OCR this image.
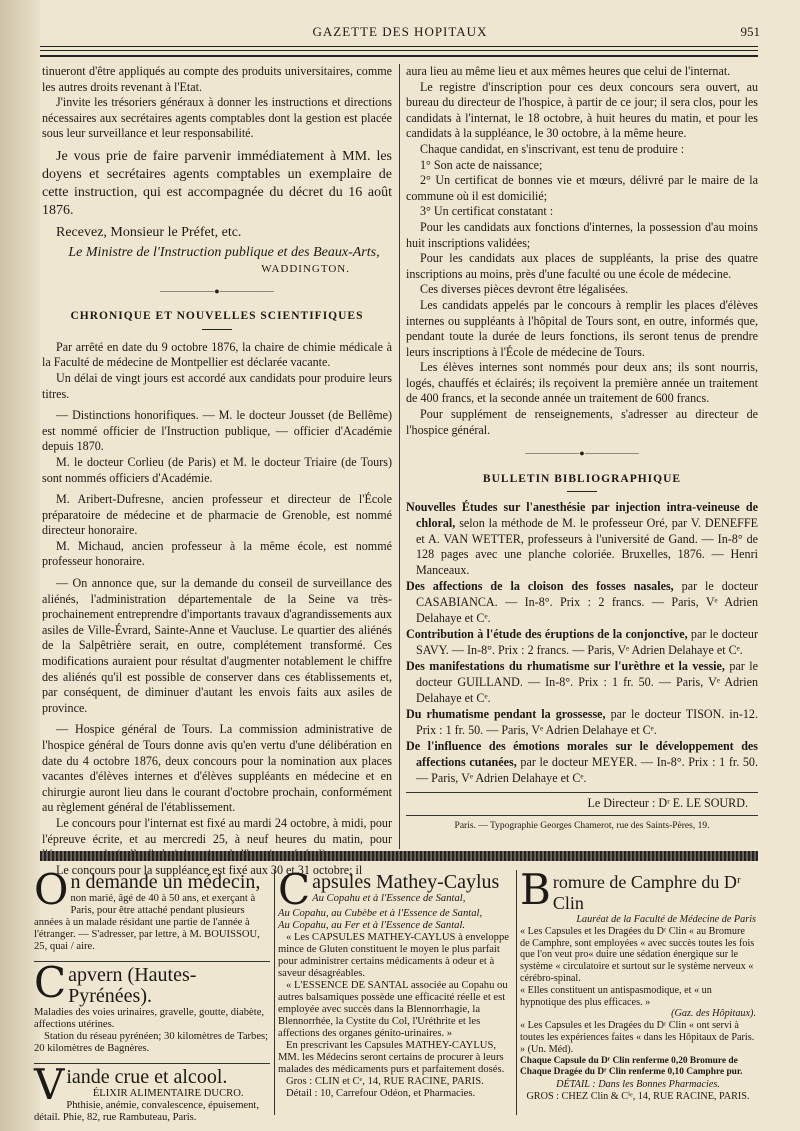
GAZETTE DES HOPITAUX	951

tinueront d'être appliqués au compte des produits universitaires, comme les autres droits revenant à l'Etat.

J'invite les trésoriers généraux à donner les instructions et directions nécessaires aux secrétaires agents comptables dont la gestion est placée sous leur surveillance et leur responsabilité.

Je vous prie de faire parvenir immédiatement à MM. les doyens et secrétaires agents comptables un exemplaire de cette instruction, qui est accompagnée du décret du 16 août 1876.

Recevez, Monsieur le Préfet, etc.

Le Ministre de l'Instruction publique et des Beaux-Arts,

WADDINGTON.

——————●——————

CHRONIQUE ET NOUVELLES SCIENTIFIQUES

Par arrêté en date du 9 octobre 1876, la chaire de chimie médicale à la Faculté de médecine de Montpellier est déclarée vacante.

Un délai de vingt jours est accordé aux candidats pour produire leurs titres.

— Distinctions honorifiques. — M. le docteur Jousset (de Bellême) est nommé officier de l'Instruction publique, — officier d'Académie depuis 1870.

M. le docteur Corlieu (de Paris) et M. le docteur Triaire (de Tours) sont nommés officiers d'Académie.

M. Aribert-Dufresne, ancien professeur et directeur de l'École préparatoire de médecine et de pharmacie de Grenoble, est nommé directeur honoraire.

M. Michaud, ancien professeur à la même école, est nommé professeur honoraire.

— On annonce que, sur la demande du conseil de surveillance des aliénés, l'administration départementale de la Seine va très-prochainement entreprendre d'importants travaux d'agrandissements aux asiles de Ville-Évrard, Sainte-Anne et Vaucluse. Le quartier des aliénés de la Salpêtrière serait, en outre, complétement transformé. Ces modifications auraient pour résultat d'augmenter notablement le chiffre des aliénés qu'il est possible de conserver dans ces établissements et, par conséquent, de diminuer d'autant les envois faits aux asiles de province.

— Hospice général de Tours. La commission administrative de l'hospice général de Tours donne avis qu'en vertu d'une délibération en date du 4 octobre 1876, deux concours pour la nomination aux places vacantes d'élèves internes et d'élèves suppléants en médecine et en chirurgie auront lieu dans le courant d'octobre prochain, conformément au règlement général de l'établissement.

Le concours pour l'internat est fixé au mardi 24 octobre, à midi, pour l'épreuve écrite, et au mercredi 25, à neuf heures du matin, pour

Le concours pour la suppléance est fixé aux 30 et 31 octobre; il

aura lieu au même lieu et aux mêmes heures que celui de l'internat.

Le registre d'inscription pour ces deux concours sera ouvert, au bureau du directeur de l'hospice, à partir de ce jour; il sera clos, pour les candidats à l'internat, le 18 octobre, à huit heures du matin, et pour les candidats à la suppléance, le 30 octobre, à la même heure.

Chaque candidat, en s'inscrivant, est tenu de produire :

1° Son acte de naissance;

2° Un certificat de bonnes vie et mœurs, délivré par le maire de la commune où il est domicilié;

3° Un certificat constatant :

Pour les candidats aux fonctions d'internes, la possession d'au moins huit inscriptions validées;

Pour les candidats aux places de suppléants, la prise des quatre inscriptions au moins, près d'une faculté ou une école de médecine.

Ces diverses pièces devront être légalisées.

Les candidats appelés par le concours à remplir les places d'élèves internes ou suppléants à l'hôpital de Tours sont, en outre, informés que, pendant toute la durée de leurs fonctions, ils seront tenus de prendre leurs inscriptions à l'École de médecine de Tours.

Les élèves internes sont nommés pour deux ans; ils sont nourris, logés, chauffés et éclairés; ils reçoivent la première année un traitement de 400 francs, et la seconde année un traitement de 600 francs.

Pour supplément de renseignements, s'adresser au directeur de l'hospice général.

——————●——————

BULLETIN BIBLIOGRAPHIQUE

Nouvelles Études sur l'anesthésie par injection intra-veineuse de chloral, selon la méthode de M. le professeur Oré, par V. DENEFFE et A. VAN WETTER, professeurs à l'université de Gand. — In-8° de 128 pages avec une planche coloriée. Bruxelles, 1876. — Henri Manceaux.

Des affections de la cloison des fosses nasales, par le docteur CASABIANCA. — In-8°. Prix : 2 francs. — Paris, Vᵉ Adrien Delahaye et Cᵉ.

Contribution à l'étude des éruptions de la conjonctive, par le docteur SAVY. — In-8°. Prix : 2 francs. — Paris, Vᵉ Adrien Delahaye et Cᵉ.

Des manifestations du rhumatisme sur l'urèthre et la vessie, par le docteur GUILLAND. — In-8°. Prix : 1 fr. 50. — Paris, Vᵉ Adrien Delahaye et Cᵉ.

Du rhumatisme pendant la grossesse, par le docteur TISON. in-12. Prix : 1 fr. 50. — Paris, Vᵉ Adrien Delahaye et Cᵉ.

De l'influence des émotions morales sur le développement des affections cutanées, par le docteur MEYER. — In-8°. Prix : 1 fr. 50. — Paris, Vᵉ Adrien Delahaye et Cᵉ.

Le Directeur : Dʳ E. LE SOURD.

Paris. — Typographie Georges Chamerot, rue des Saints-Pères, 19.

O n demande un médecin,

non marié, âgé de 40 à 50 ans, et exerçant à Paris, pour être attaché pendant plusieurs années à un malade résidant une partie de l'année à l'étranger. — S'adresser, par lettre, à M. BOUISSOU, 25, quai / aire.

C apvern (Hautes-Pyrénées).

Maladies des voies urinaires, gravelle, goutte, diabète, affections utérines.

Station du réseau pyrénéen; 30 kilomètres de Tarbes; 20 kilomètres de Bagnères.

V iande crue et alcool.

ÉLIXIR ALIMENTAIRE DUCRO.

Phthisie, anémie, convalescence, épuisement, détail. Phie, 82, rue Rambuteau, Paris.

C apsules Mathey-Caylus

Au Copahu et à l'Essence de Santal,

Au Copahu, au Cubèbe et à l'Essence de Santal,

Au Copahu, au Fer et à l'Essence de Santal.

« Les CAPSULES MATHEY-CAYLUS à enveloppe mince de Gluten constituent le moyen le plus parfait pour administrer certains médicaments à odeur et à saveur désagréables.

« L'ESSENCE DE SANTAL associée au Copahu ou autres balsamiques possède une efficacité réelle et est employée avec succès dans la Blennorrhagie, la Blennorrhée, la Cystite du Col, l'Uréthrite et les affections des organes génito-urinaires. »

En prescrivant les Capsules MATHEY-CAYLUS, MM. les Médecins seront certains de procurer à leurs malades des médicaments purs et parfaitement dosés.

Gros : CLIN et Cᵉ, 14, RUE RACINE, PARIS.

Détail : 10, Carrefour Odéon, et Pharmacies.

B romure de Camphre du Dʳ Clin

Lauréat de la Faculté de Médecine de Paris

« Les Capsules et les Dragées du Dʳ Clin « au Bromure de Camphre, sont employées « avec succès toutes les fois que l'on veut pro« duire une sédation énergique sur le système « circulatoire et surtout sur le système nerveux « cérébro-spinal.

« Elles constituent un antispasmodique, et « un hypnotique des plus efficaces. »

(Gaz. des Hôpitaux).

« Les Capsules et les Dragées du Dʳ Clin « ont servi à toutes les expériences faites « dans les Hôpitaux de Paris. » (Un. Méd).

Chaque Capsule du Dʳ Clin renferme 0,20 Bromure de

Chaque Dragée du Dʳ Clin renferme 0,10 Camphre pur.

DÉTAIL : Dans les Bonnes Pharmacies.

GROS : CHEZ Clin & Cⁱᵉ, 14, RUE RACINE, PARIS.
